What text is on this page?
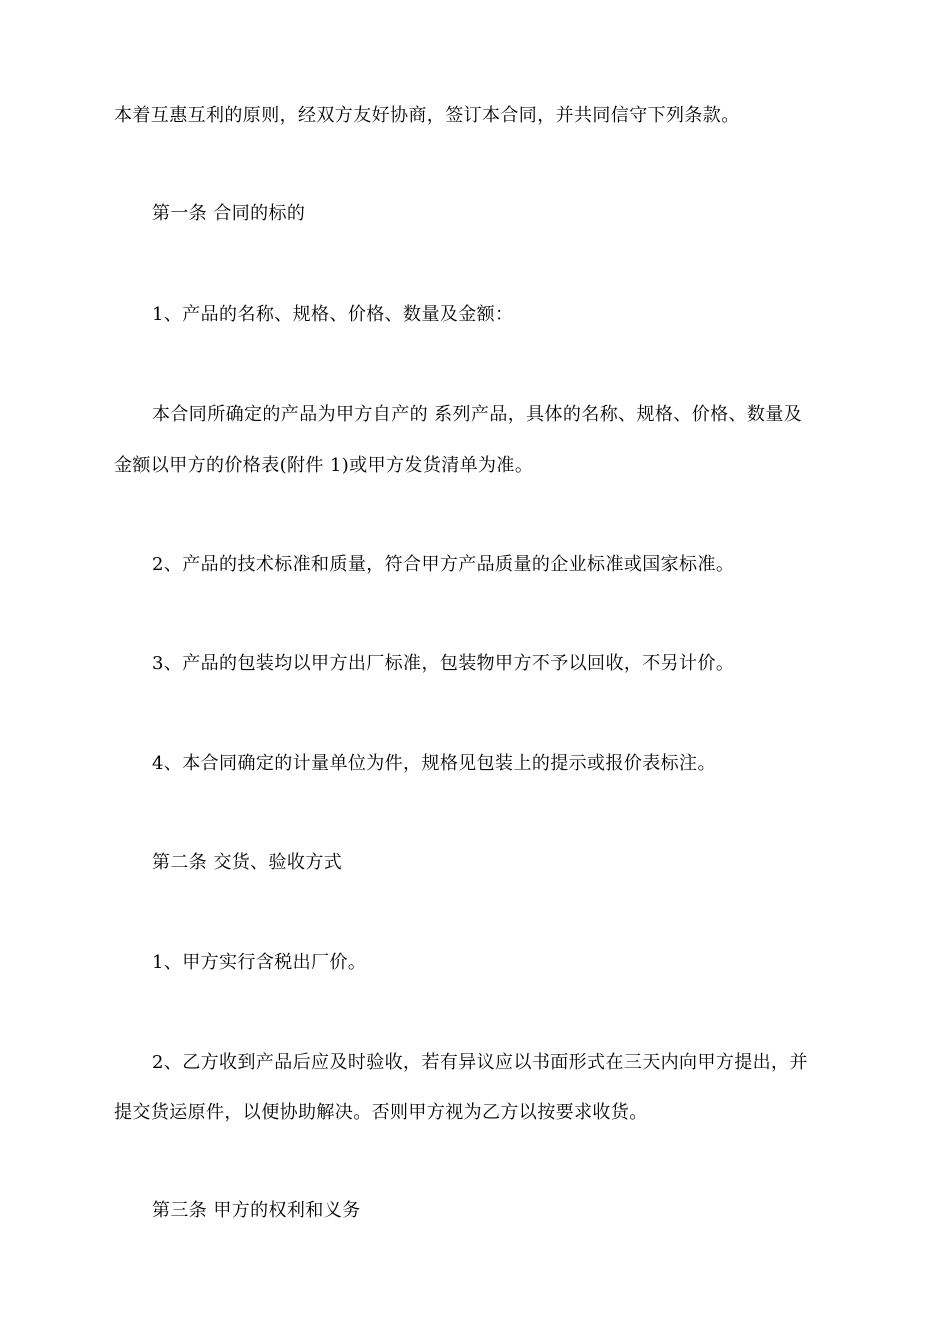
本着互惠互利的原则，经双方友好协商，签订本合同，并共同信守下列条款。
第一条 合同的标的
1、产品的名称、规格、价格、数量及金额：
本合同所确定的产品为甲方自产的 系列产品，具体的名称、规格、价格、数量及
金额以甲方的价格表(附件 1)或甲方发货清单为准。
2、产品的技术标准和质量，符合甲方产品质量的企业标准或国家标准。
3、产品的包装均以甲方出厂标准，包装物甲方不予以回收，不另计价。
4、本合同确定的计量单位为件，规格见包装上的提示或报价表标注。
第二条 交货、验收方式
1、甲方实行含税出厂价。
2、乙方收到产品后应及时验收，若有异议应以书面形式在三天内向甲方提出，并
提交货运原件，以便协助解决。否则甲方视为乙方以按要求收货。
第三条 甲方的权利和义务
